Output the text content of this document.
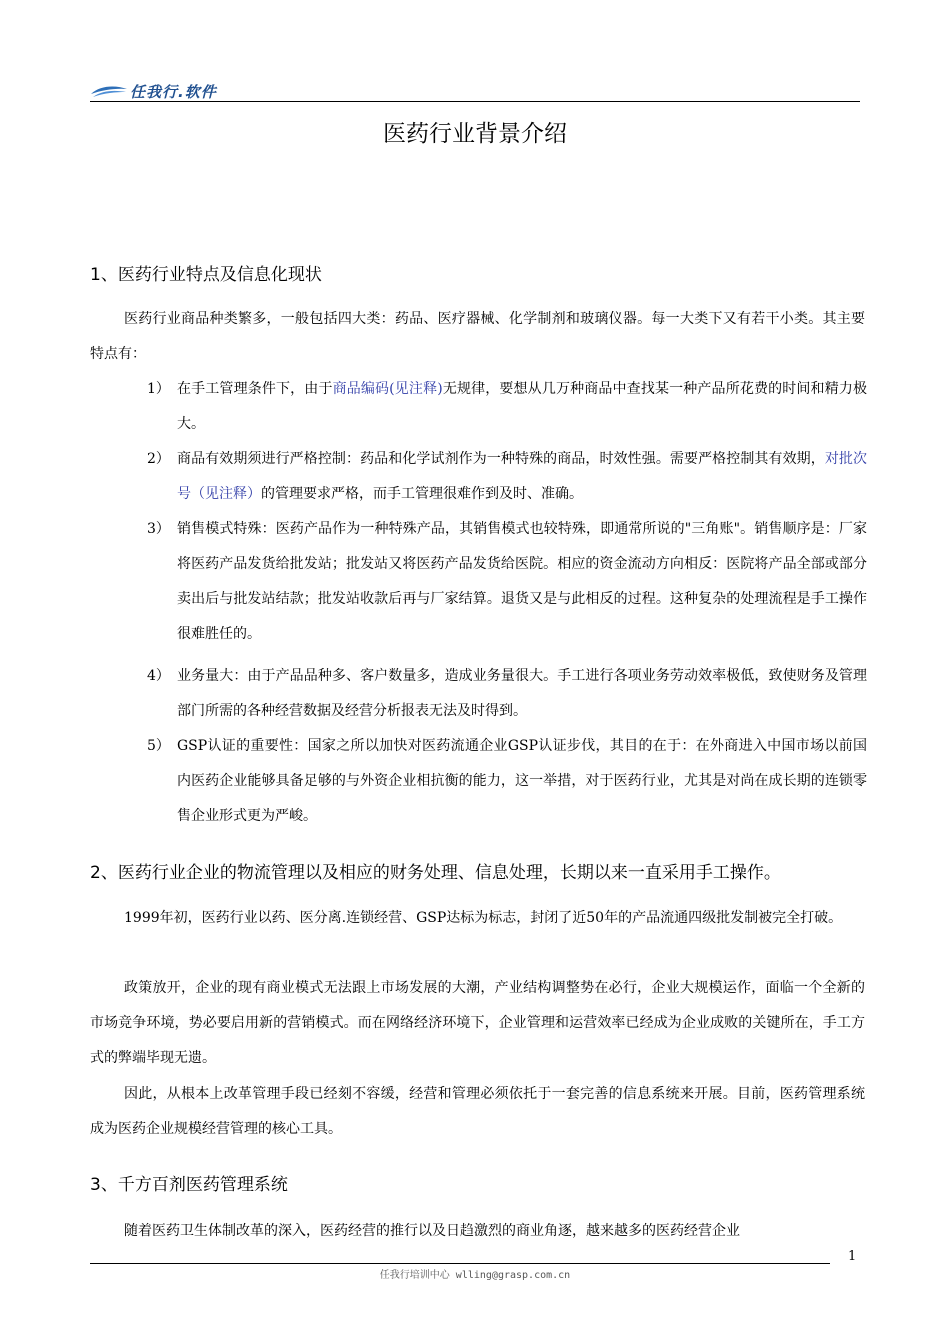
任我行.软件
医药行业背景介绍
1、医药行业特点及信息化现状

医药行业商品种类繁多，一般包括四大类：药品、医疗器械、化学制剂和玻璃仪器。每一大类下又有若干小类。其主要特点有：

1） 在手工管理条件下，由于商品编码(见注释)无规律，要想从几万种商品中查找某一种产品所花费的时间和精力极大。
2） 商品有效期须进行严格控制：药品和化学试剂作为一种特殊的商品，时效性强。需要严格控制其有效期，对批次号（见注释）的管理要求严格，而手工管理很难作到及时、准确。
3） 销售模式特殊：医药产品作为一种特殊产品，其销售模式也较特殊，即通常所说的"三角账"。销售顺序是：厂家将医药产品发货给批发站；批发站又将医药产品发货给医院。相应的资金流动方向相反：医院将产品全部或部分卖出后与批发站结款；批发站收款后再与厂家结算。退货又是与此相反的过程。这种复杂的处理流程是手工操作很难胜任的。
4） 业务量大：由于产品品种多、客户数量多，造成业务量很大。手工进行各项业务劳动效率极低，致使财务及管理部门所需的各种经营数据及经营分析报表无法及时得到。
5） GSP认证的重要性：国家之所以加快对医药流通企业GSP认证步伐，其目的在于：在外商进入中国市场以前国内医药企业能够具备足够的与外资企业相抗衡的能力，这一举措，对于医药行业，尤其是对尚在成长期的连锁零售企业形式更为严峻。
2、医药行业企业的物流管理以及相应的财务处理、信息处理，长期以来一直采用手工操作。

1999年初，医药行业以药、医分离.连锁经营、GSP达标为标志，封闭了近50年的产品流通四级批发制被完全打破。

政策放开，企业的现有商业模式无法跟上市场发展的大潮，产业结构调整势在必行，企业大规模运作，面临一个全新的市场竞争环境，势必要启用新的营销模式。而在网络经济环境下，企业管理和运营效率已经成为企业成败的关键所在，手工方式的弊端毕现无遗。

因此，从根本上改革管理手段已经刻不容缓，经营和管理必须依托于一套完善的信息系统来开展。目前，医药管理系统成为医药企业规模经营管理的核心工具。

3、千方百剂医药管理系统

随着医药卫生体制改革的深入，医药经营的推行以及日趋激烈的商业角逐，越来越多的医药经营企业

1
任我行培训中心 wlling@grasp.com.cn
